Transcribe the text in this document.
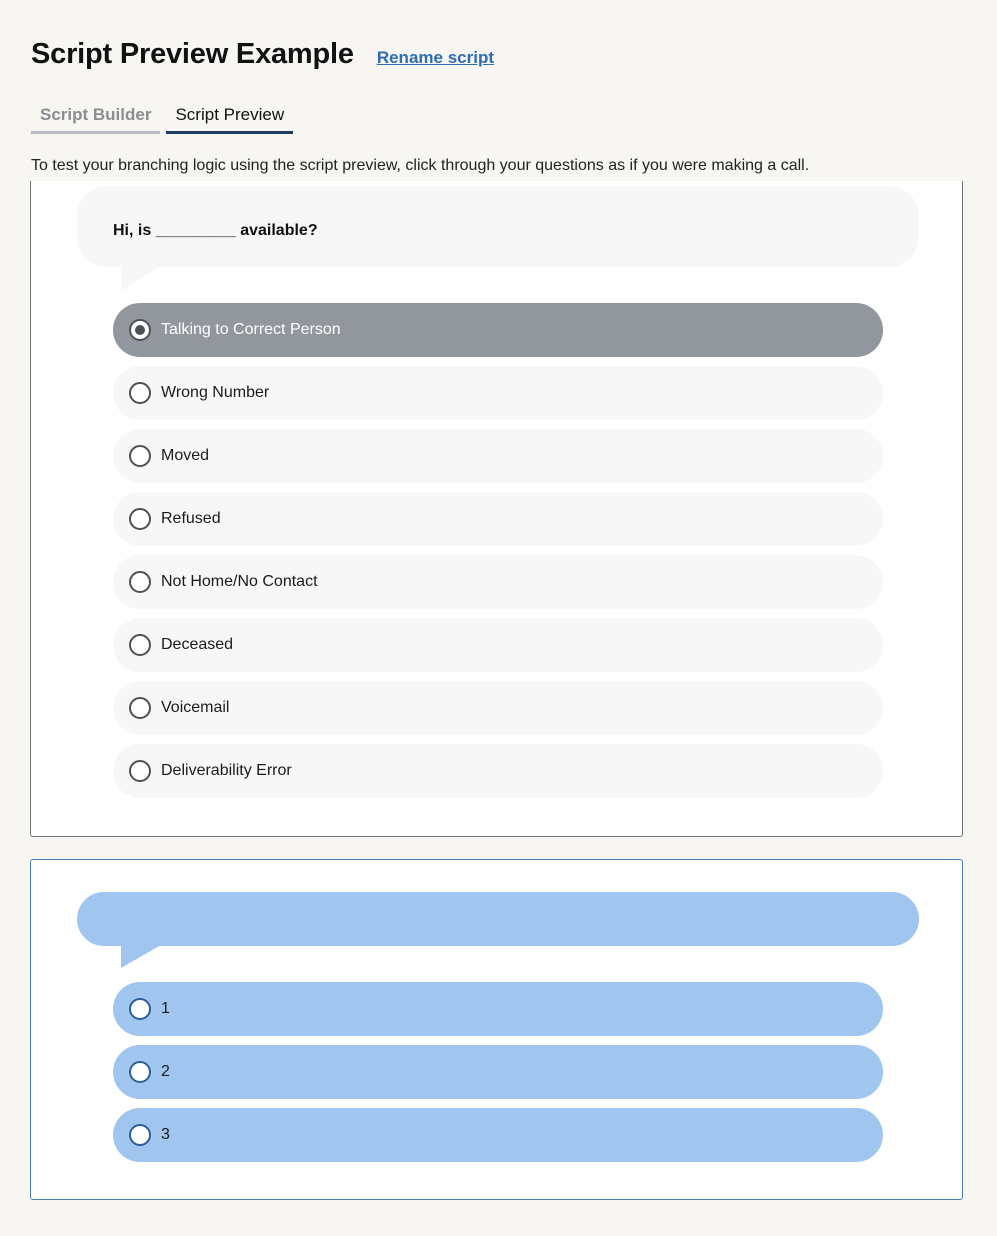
Script Preview Example Rename script
Script Builder	Script Preview

To test your branching logic using the script preview, click through your questions as if you were making a call.

Hi, is _________ available?
Talking to Correct Person
Wrong Number
Moved
Refused
Not Home/No Contact
Deceased
Voicemail
Deliverability Error
1
2
3
